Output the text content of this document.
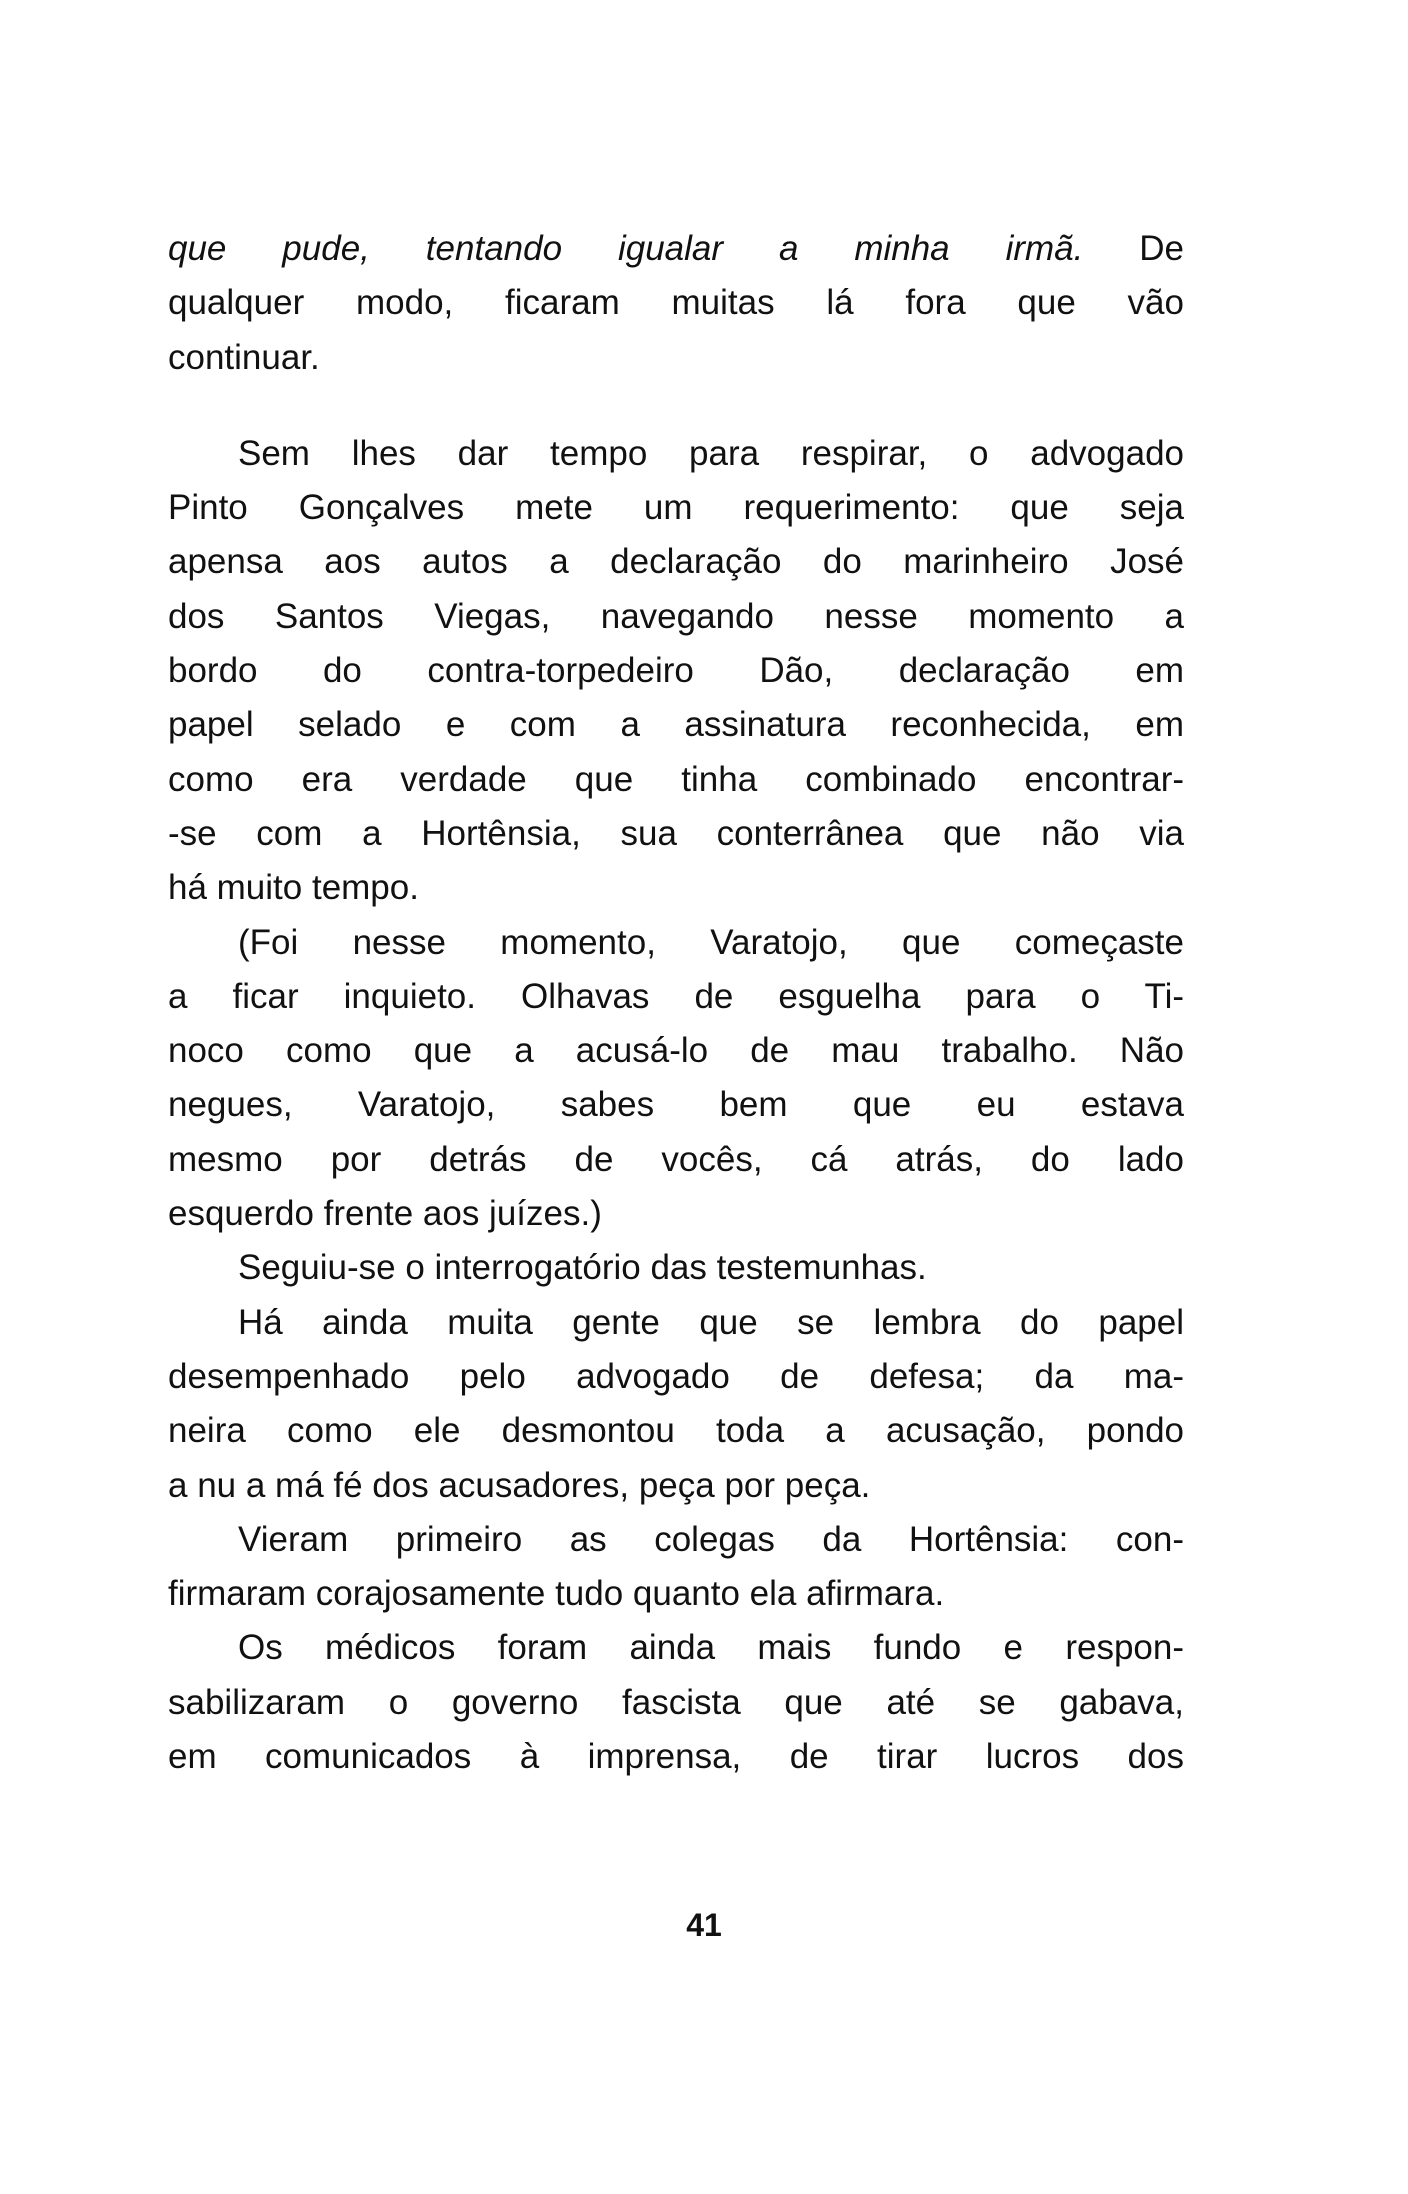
que pude, tentando igualar a minha irmã. De
qualquer modo, ficaram muitas lá fora que vão
continuar.
Sem lhes dar tempo para respirar, o advogado
Pinto Gonçalves mete um requerimento: que seja
apensa aos autos a declaração do marinheiro José
dos Santos Viegas, navegando nesse momento a
bordo do contra-torpedeiro Dão, declaração em
papel selado e com a assinatura reconhecida, em
como era verdade que tinha combinado encontrar-
-se com a Hortênsia, sua conterrânea que não via
há muito tempo.
(Foi nesse momento, Varatojo, que começaste
a ficar inquieto. Olhavas de esguelha para o Ti-
noco como que a acusá-lo de mau trabalho. Não
negues, Varatojo, sabes bem que eu estava
mesmo por detrás de vocês, cá atrás, do lado
esquerdo frente aos juízes.)
Seguiu-se o interrogatório das testemunhas.
Há ainda muita gente que se lembra do papel
desempenhado pelo advogado de defesa; da ma-
neira como ele desmontou toda a acusação, pondo
a nu a má fé dos acusadores, peça por peça.
Vieram primeiro as colegas da Hortênsia: con-
firmaram corajosamente tudo quanto ela afirmara.
Os médicos foram ainda mais fundo e respon-
sabilizaram o governo fascista que até se gabava,
em comunicados à imprensa, de tirar lucros dos
41
